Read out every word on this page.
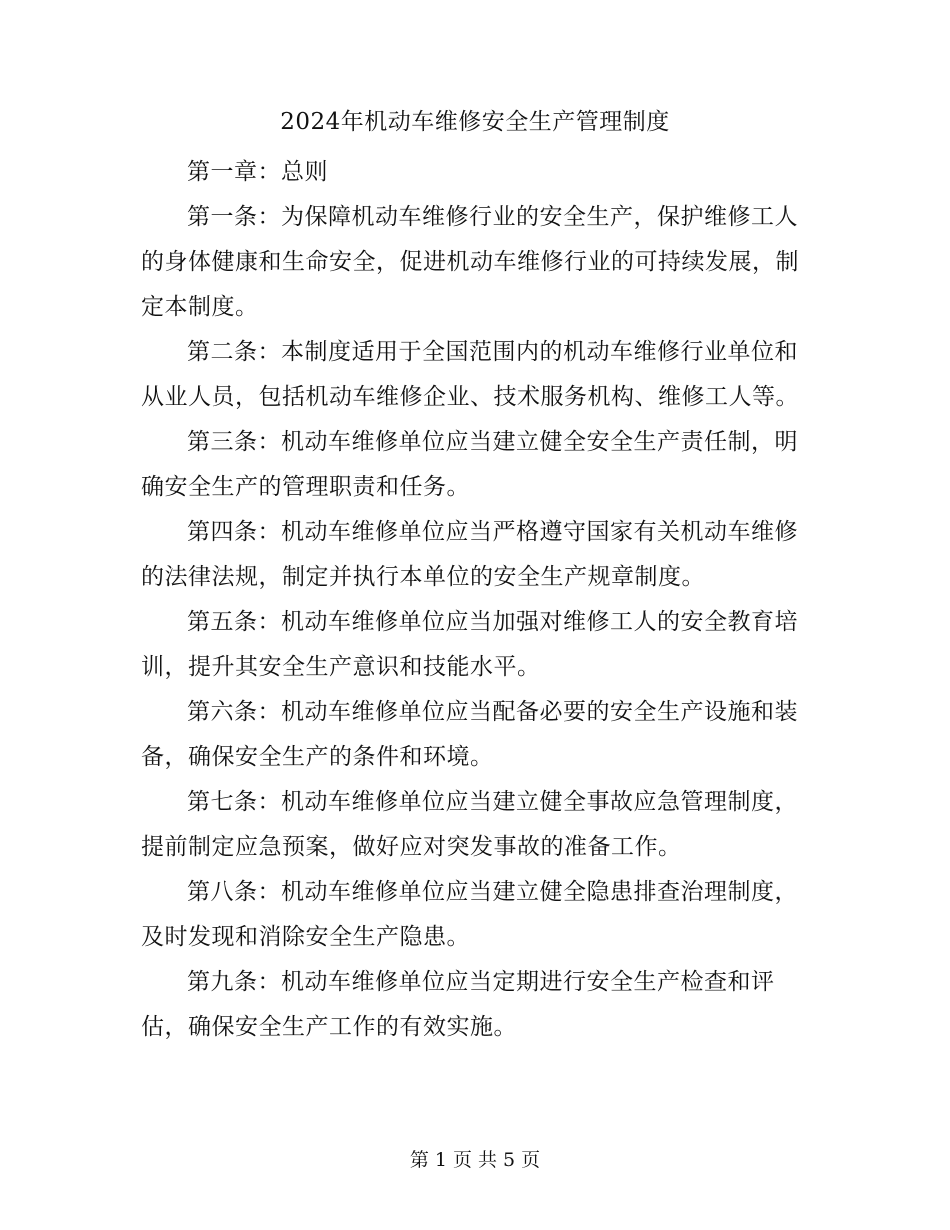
2024年机动车维修安全生产管理制度

第一章：总则

第一条：为保障机动车维修行业的安全生产，保护维修工人的身体健康和生命安全，促进机动车维修行业的可持续发展，制定本制度。

第二条：本制度适用于全国范围内的机动车维修行业单位和从业人员，包括机动车维修企业、技术服务机构、维修工人等。

第三条：机动车维修单位应当建立健全安全生产责任制，明确安全生产的管理职责和任务。

第四条：机动车维修单位应当严格遵守国家有关机动车维修的法律法规，制定并执行本单位的安全生产规章制度。

第五条：机动车维修单位应当加强对维修工人的安全教育培训，提升其安全生产意识和技能水平。

第六条：机动车维修单位应当配备必要的安全生产设施和装备，确保安全生产的条件和环境。

第七条：机动车维修单位应当建立健全事故应急管理制度，提前制定应急预案，做好应对突发事故的准备工作。

第八条：机动车维修单位应当建立健全隐患排查治理制度，及时发现和消除安全生产隐患。

第九条：机动车维修单位应当定期进行安全生产检查和评估，确保安全生产工作的有效实施。

第 1 页 共 5 页
